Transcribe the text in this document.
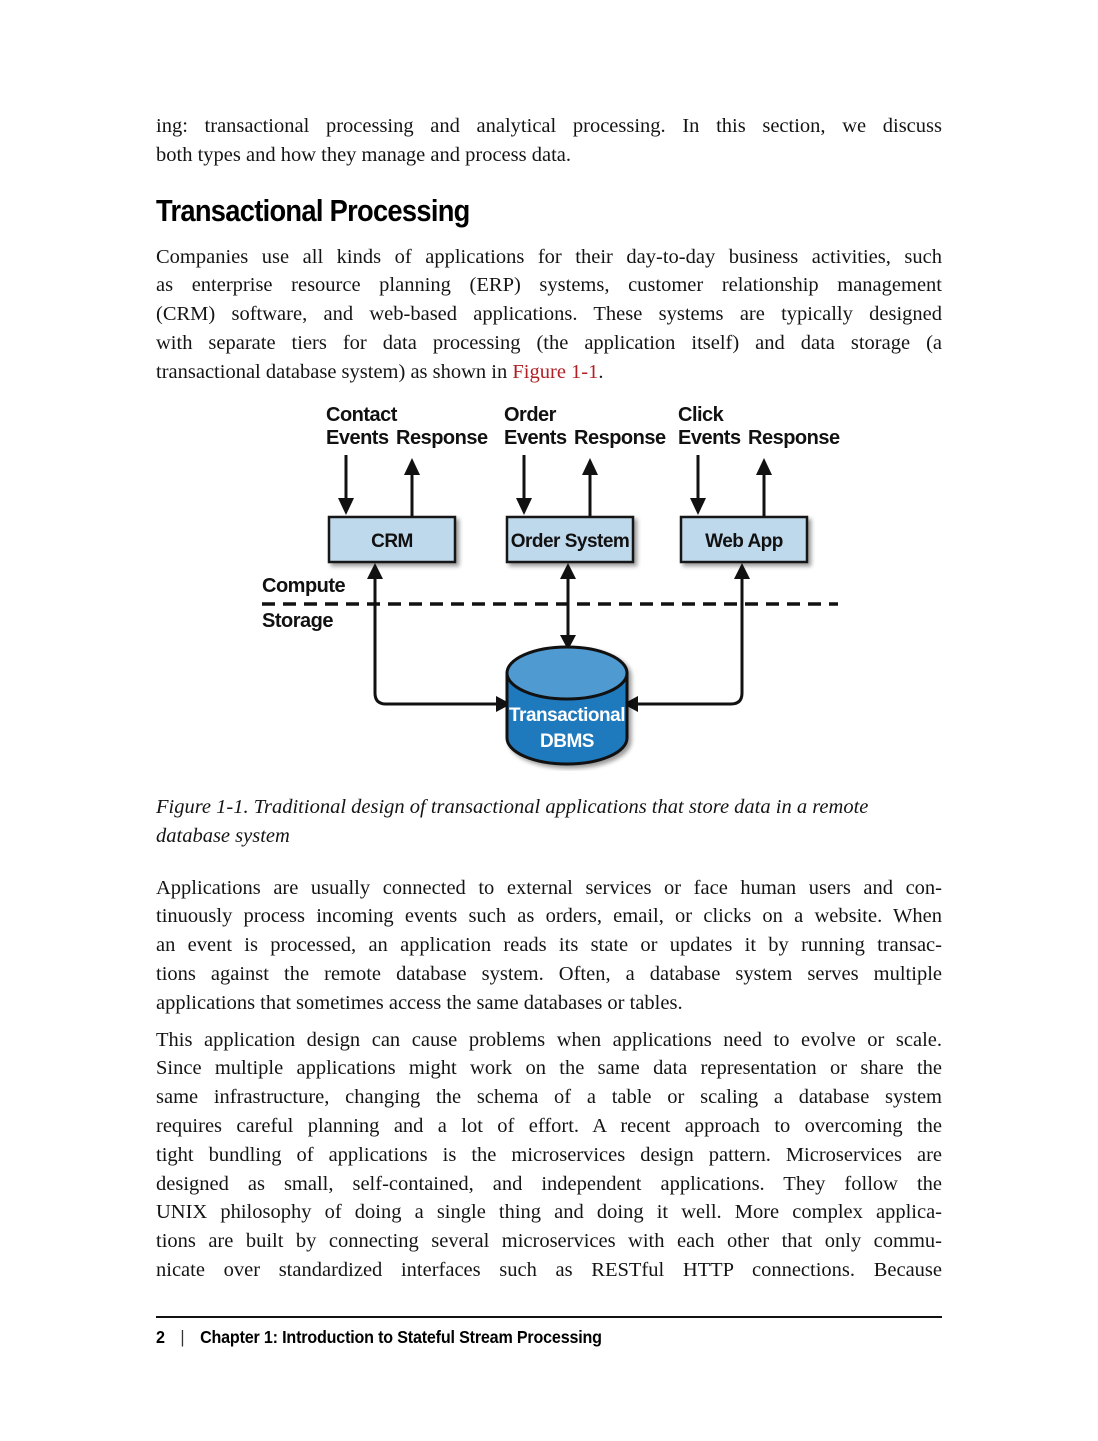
ing: transactional processing and analytical processing. In this section, we discuss
both types and how they manage and process data.

Transactional Processing

Companies use all kinds of applications for their day-to-day business activities, such
as enterprise resource planning (ERP) systems, customer relationship management
(CRM) software, and web-based applications. These systems are typically designed
with separate tiers for data processing (the application itself) and data storage (a

transactional database system) as shown in Figure 1-1.

Contact
Events Response
CRM
Order
Events Response
Order System
Click
Events Response
Web App
Compute
Storage
Transactional
DBMS

Figure 1-1. Traditional design of transactional applications that store data in a remote
database system

Applications are usually connected to external services or face human users and con-
tinuously process incoming events such as orders, email, or clicks on a website. When
an event is processed, an application reads its state or updates it by running transac-
tions against the remote database system. Often, a database system serves multiple
applications that sometimes access the same databases or tables.

This application design can cause problems when applications need to evolve or scale.
Since multiple applications might work on the same data representation or share the
same infrastructure, changing the schema of a table or scaling a database system
requires careful planning and a lot of effort. A recent approach to overcoming the
tight bundling of applications is the microservices design pattern. Microservices are
designed as small, self-contained, and independent applications. They follow the
UNIX philosophy of doing a single thing and doing it well. More complex applica-
tions are built by connecting several microservices with each other that only commu-
nicate over standardized interfaces such as RESTful HTTP connections. Because

2 | Chapter 1: Introduction to Stateful Stream Processing
